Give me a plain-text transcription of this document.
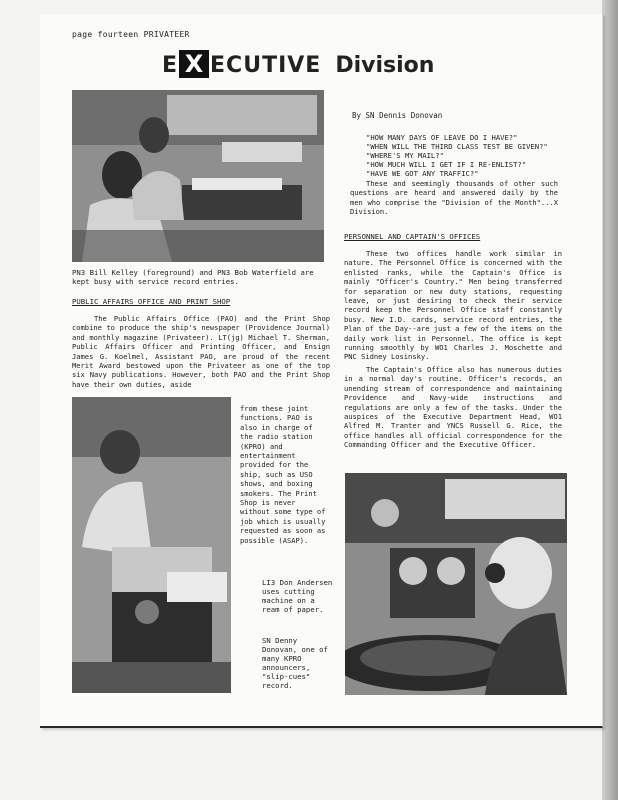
page fourteen PRIVATEER
E X ECUTIVE Division
PN3 Bill Kelley (foreground) and PN3 Bob Waterfield are kept busy with service record entries.
PUBLIC AFFAIRS OFFICE AND PRINT SHOP

The Public Affairs Office (PAO) and the Print Shop combine to produce the ship's newspaper (Providence Journal) and monthly magazine (Privateer). LT(jg) Michael T. Sherman, Public Affairs Officer and Printing Officer, and Ensign James G. Koelmel, Assistant PAO, are proud of the recent Merit Award bestowed upon the Privateer as one of the top six Navy publications. However, both PAO and the Print Shop have their own duties, aside

from these joint functions. PAO is also in charge of the radio station (KPRO) and entertainment provided for the ship, such as USO shows, and boxing smokers. The Print Shop is never without some type of job which is usually requested as soon as possible (ASAP).

LI3 Don Andersen uses cutting machine on a ream of paper.
SN Denny Donovan, one of many KPRO announcers, "slip-cues" record.
By SN Dennis Donovan
"HOW MANY DAYS OF LEAVE DO I HAVE?"
"WHEN WILL THE THIRD CLASS TEST BE GIVEN?"
"WHERE'S MY MAIL?"
"HOW MUCH WILL I GET IF I RE-ENLIST?"
"HAVE WE GOT ANY TRAFFIC?"

These and seemingly thousands of other such questions are heard and answered daily by the men who comprise the "Division of the Month"...X Division.

PERSONNEL AND CAPTAIN'S OFFICES

These two offices handle work similar in nature. The Personnel Office is concerned with the enlisted ranks, while the Captain's Office is mainly "Officer's Country." Men being transferred for separation or new duty stations, requesting leave, or just desiring to check their service record keep the Personnel Office staff constantly busy. New I.D. cards, service record entries, the Plan of the Day--are just a few of the items on the daily work list in Personnel. The office is kept running smoothly by WO1 Charles J. Moschette and PNC Sidney Losinsky.

The Captain's Office also has numerous duties in a normal day's routine. Officer's records, an unending stream of correspondence and maintaining Providence and Navy-wide instructions and regulations are only a few of the tasks. Under the auspices of the Executive Department Head, WO1 Alfred M. Tranter and YNCS Russell G. Rice, the office handles all official correspondence for the Commanding Officer and the Executive Officer.
